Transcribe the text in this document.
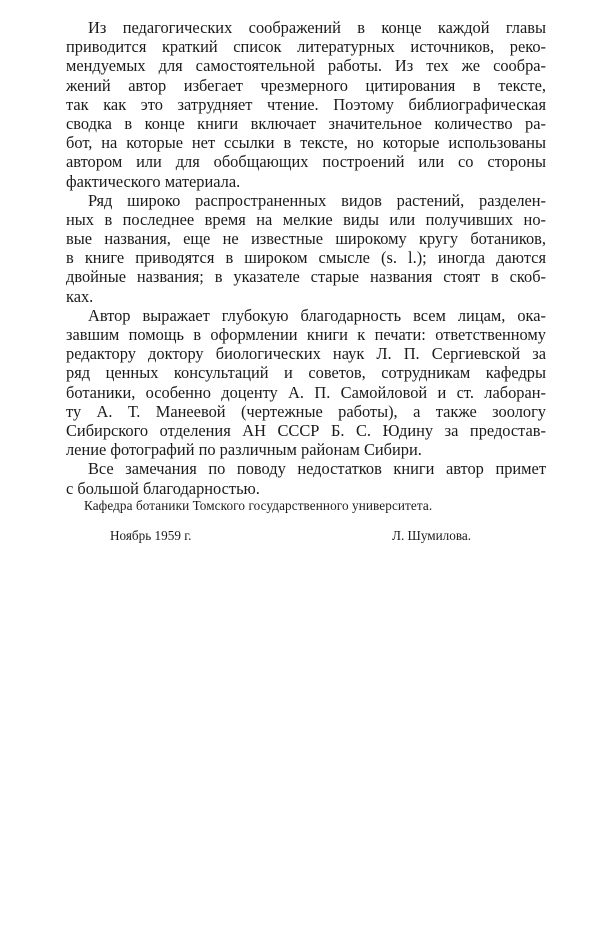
Из педагогических соображений в конце каждой главы
приводится краткий список литературных источников, реко-
мендуемых для самостоятельной работы. Из тех же сообра-
жений автор избегает чрезмерного цитирования в тексте,
так как это затрудняет чтение. Поэтому библиографическая
сводка в конце книги включает значительное количество ра-
бот, на которые нет ссылки в тексте, но которые использованы
автором или для обобщающих построений или со стороны
фактического материала.
Ряд широко распространенных видов растений, разделен-
ных в последнее время на мелкие виды или получивших но-
вые названия, еще не известные широкому кругу ботаников,
в книге приводятся в широком смысле (s. l.); иногда даются
двойные названия; в указателе старые названия стоят в скоб-
ках.
Автор выражает глубокую благодарность всем лицам, ока-
завшим помощь в оформлении книги к печати: ответственному
редактору доктору биологических наук Л. П. Сергиевской за
ряд ценных консультаций и советов, сотрудникам кафедры
ботаники, особенно доценту А. П. Самойловой и ст. лабoран-
ту А. Т. Манеевой (чертежные работы), а также зоологу
Сибирского отделения АН СССР Б. С. Юдину за предостав-
ление фотографий по различным районам Сибири.
Все замечания по поводу недостатков книги автор примет
с большой благодарностью.
Кафедра ботаники Томского государственного университета.
Ноябрь 1959 г.	Л. Шумилова.
